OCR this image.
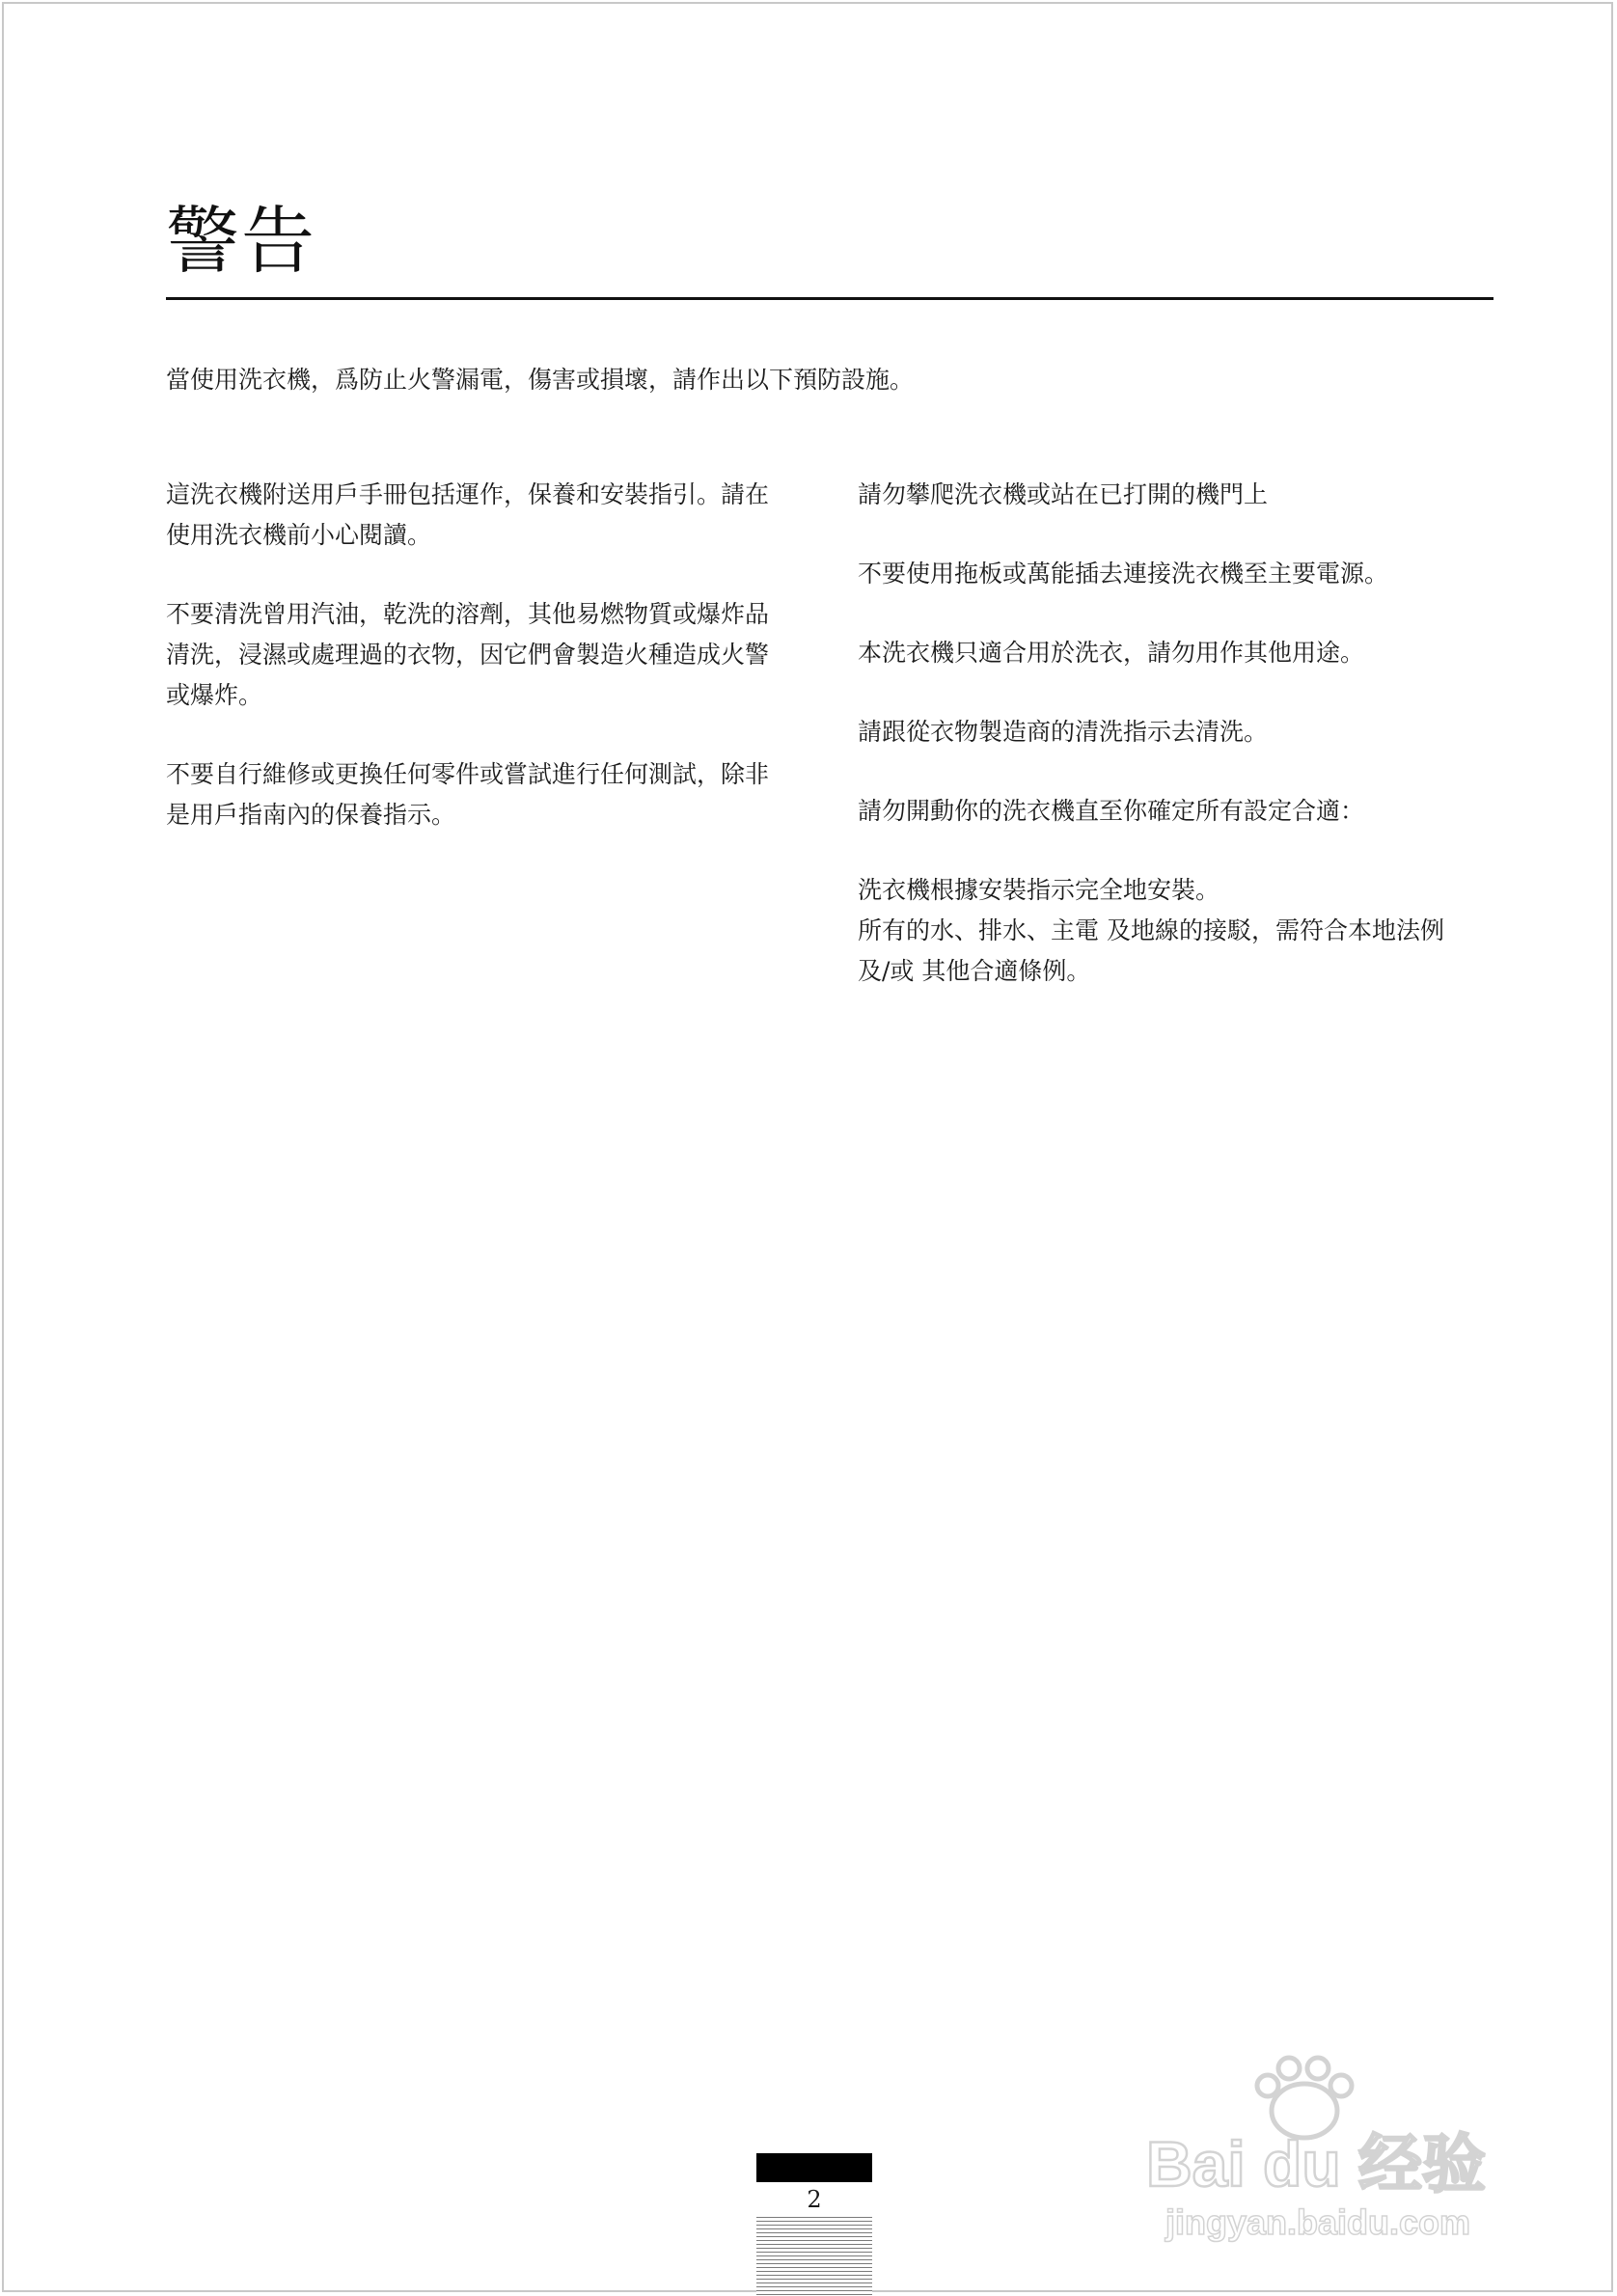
警告

當使用洗衣機，爲防止火警漏電，傷害或損壞，請作出以下預防設施。

這洗衣機附送用戶手冊包括運作，保養和安裝指引。請在
使用洗衣機前小心閱讀。

不要清洗曾用汽油，乾洗的溶劑，其他易燃物質或爆炸品
清洗，浸濕或處理過的衣物，因它們會製造火種造成火警
或爆炸。

不要自行維修或更換任何零件或嘗試進行任何測試，除非
是用戶指南內的保養指示。

請勿攀爬洗衣機或站在已打開的機門上

不要使用拖板或萬能插去連接洗衣機至主要電源。

本洗衣機只適合用於洗衣，請勿用作其他用途。

請跟從衣物製造商的清洗指示去清洗。

請勿開動你的洗衣機直至你確定所有設定合適：

洗衣機根據安裝指示完全地安裝。
所有的水、排水、主電 及地線的接駁，需符合本地法例
及/或 其他合適條例。

2	Bai du 经验
jingyan.baidu.com
